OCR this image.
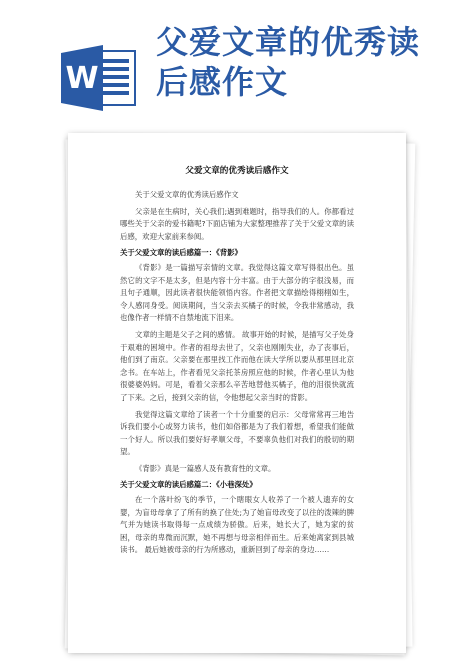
W
父爱文章的优秀读
后感作文
父爱文章的优秀读后感作文

关于父爱文章的优秀读后感作文

父亲是在生病时，关心我们;遇到难题时，指导我们的人。你都看过哪些关于父亲的爱书籍呢?下面店铺为大家整理推荐了关于父爱文章的读后感，欢迎大家前来参阅。

关于父爱文章的读后感篇一：《背影》

《背影》是一篇描写亲情的文章。我觉得这篇文章写得很出色。虽然它的文字不是太多，但是内容十分丰富。由于大部分的字很浅易，而且句子通顺，因此读者很快能领悟内容。作者把文章描绘得栩栩如生，令人感同身受。阅读期间，当父亲去买橘子的时候，令我非常感动，我也像作者一样情不自禁地流下泪来。

文章的主题是父子之间的感情。 故事开始的时候，是描写父子处身于艰难的困境中。作者的祖母去世了，父亲也刚刚失业，办了丧事后，他们到了南京。父亲要在那里找工作而他在读大学所以要从那里回北京念书。在车站上，作者看见父亲托茶房照应他的时候，作者心里认为他很婆婆妈妈。可是，看着父亲那么辛苦地替他买橘子，他的泪很快就流了下来。之后，接到父亲的信，令他想起父亲当时的背影。

我觉得这篇文章给了读者一个十分重要的启示：父母常常再三地告诉我们要小心或努力读书，他们如俗都是为了我们着想，希望我们能做一个好人。所以我们要好好孝顺父母，不要辜负他们对我们的殷切的期望。

《背影》真是一篇感人及有教育性的文章。

关于父爱文章的读后感篇二：《小巷深处》

在一个落叶纷飞的季节，一个瞎眼女人收养了一个被人遗弃的女婴，为盲母母拿了了所有的换了住处;为了她盲母改变了以往的泼辣的脾气并为她读书取得每一点成绩为骄傲。后来，她长大了，她为家的贫困，母亲的卑微而沉默，她不再想与母亲相伴而生。后来她离家到县城读书。 最后她被母亲的行为所感动，重新回到了母亲的身边……
